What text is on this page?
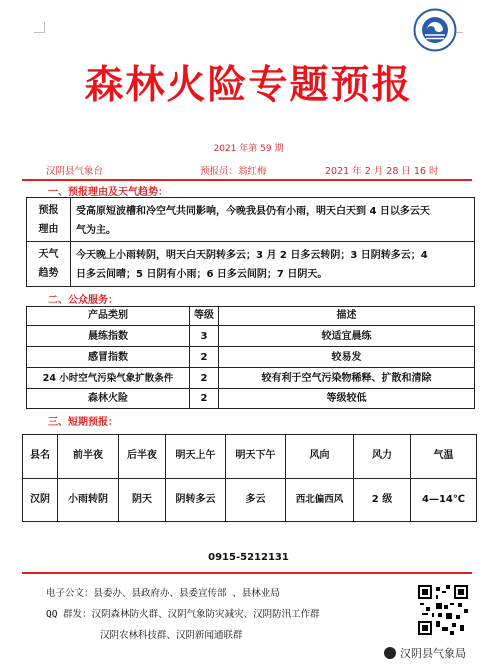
森林火险专题预报
2021 年第 59 期
汉阴县气象台	预报员：翁红梅	2021 年 2 月 28 日 16 时
一、预报理由及天气趋势：
预报
理由
受高原短波槽和冷空气共同影响，今晚我县仍有小雨，明天白天到 4 日以多云天
气为主。
天气
趋势
今天晚上小雨转阴，明天白天阴转多云；3 月 2 日多云转阴；3 日阴转多云；4
日多云间晴；5 日阴有小雨；6 日多云间阴；7 日阴天。
二、公众服务：
产品类别	等级	描述
晨练指数	3	较适宜晨练
感冒指数	2	较易发
24 小时空气污染气象扩散条件	2	较有利于空气污染物稀释、扩散和清除
森林火险	2	等级较低
三、短期预报：
县名	前半夜	后半夜	明天上午	明天下午	风向	风力	气温
汉阴	小雨转阴	阴天	阴转多云	多云	西北偏西风	2 级	4—14℃
0915-5212131
电子公文：县委办、县政府办、县委宣传部 、县林业局
QQ 群发：汉阴森林防火群、汉阴气象防灾减灾、汉阴防汛工作群
汉阴农林科技群、汉阴新闻通联群
汉阴县气象局
